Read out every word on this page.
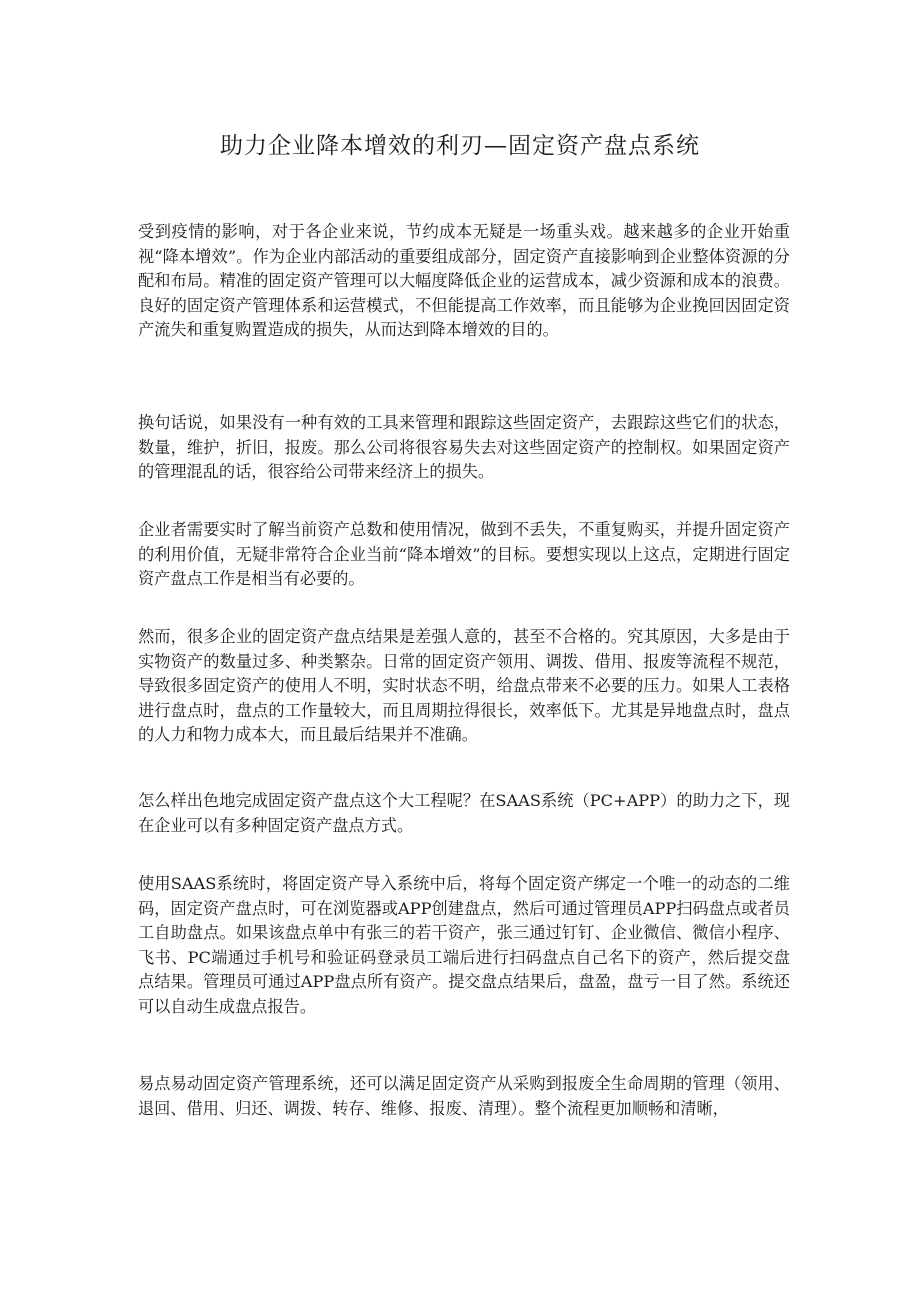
助力企业降本增效的利刃—固定资产盘点系统

受到疫情的影响，对于各企业来说，节约成本无疑是一场重头戏。越来越多的企业开始重视“降本增效”。作为企业内部活动的重要组成部分，固定资产直接影响到企业整体资源的分配和布局。精准的固定资产管理可以大幅度降低企业的运营成本，减少资源和成本的浪费。良好的固定资产管理体系和运营模式，不但能提高工作效率，而且能够为企业挽回因固定资产流失和重复购置造成的损失，从而达到降本增效的目的。

换句话说，如果没有一种有效的工具来管理和跟踪这些固定资产，去跟踪这些它们的状态，数量，维护，折旧，报废。那么公司将很容易失去对这些固定资产的控制权。如果固定资产的管理混乱的话，很容给公司带来经济上的损失。

企业者需要实时了解当前资产总数和使用情况，做到不丢失，不重复购买，并提升固定资产的利用价值，无疑非常符合企业当前“降本增效”的目标。要想实现以上这点，定期进行固定资产盘点工作是相当有必要的。

然而，很多企业的固定资产盘点结果是差强人意的，甚至不合格的。究其原因，大多是由于实物资产的数量过多、种类繁杂。日常的固定资产领用、调拨、借用、报废等流程不规范，导致很多固定资产的使用人不明，实时状态不明，给盘点带来不必要的压力。如果人工表格进行盘点时，盘点的工作量较大，而且周期拉得很长，效率低下。尤其是异地盘点时，盘点的人力和物力成本大，而且最后结果并不准确。

怎么样出色地完成固定资产盘点这个大工程呢？在SAAS系统（PC+APP）的助力之下，现在企业可以有多种固定资产盘点方式。

使用SAAS系统时，将固定资产导入系统中后，将每个固定资产绑定一个唯一的动态的二维码，固定资产盘点时，可在浏览器或APP创建盘点，然后可通过管理员APP扫码盘点或者员工自助盘点。如果该盘点单中有张三的若干资产，张三通过钉钉、企业微信、微信小程序、飞书、PC端通过手机号和验证码登录员工端后进行扫码盘点自己名下的资产，然后提交盘点结果。管理员可通过APP盘点所有资产。提交盘点结果后，盘盈，盘亏一目了然。系统还可以自动生成盘点报告。

易点易动固定资产管理系统，还可以满足固定资产从采购到报废全生命周期的管理（领用、退回、借用、归还、调拨、转存、维修、报废、清理）。整个流程更加顺畅和清晰，
